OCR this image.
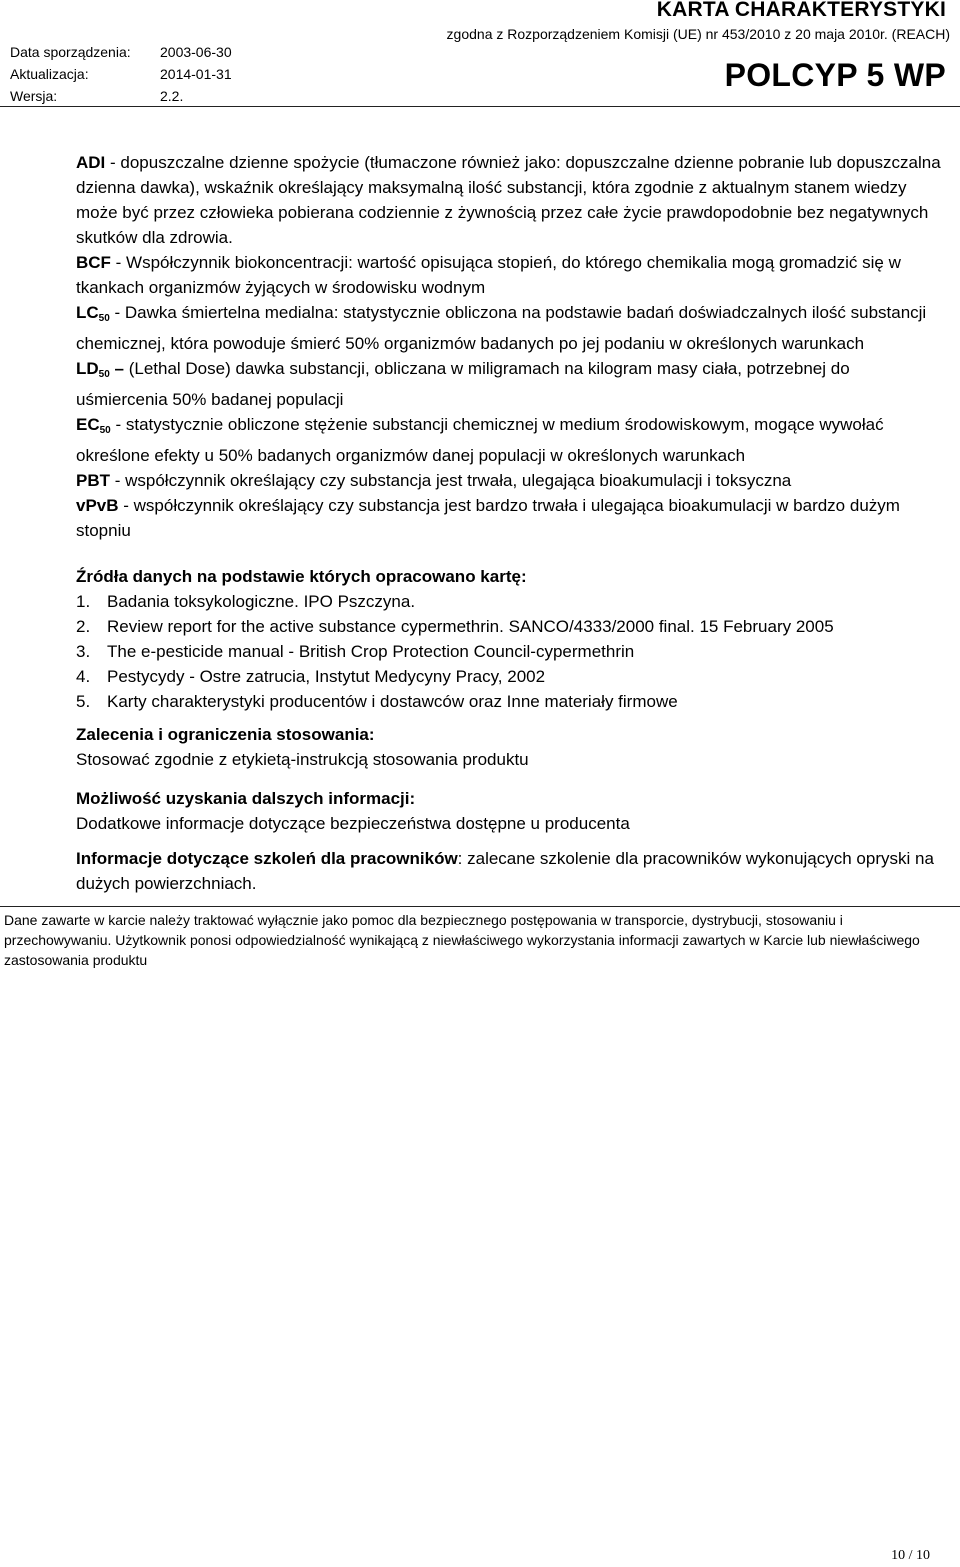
Data sporządzenia: 2003-06-30
Aktualizacja:	2014-01-31
Wersja:	2.2.
KARTA CHARAKTERYSTYKI
zgodna z Rozporządzeniem Komisji (UE) nr 453/2010 z 20 maja 2010r. (REACH)
POLCYP 5 WP

ADI - dopuszczalne dzienne spożycie (tłumaczone również jako: dopuszczalne dzienne pobranie lub dopuszczalna dzienna dawka), wskaźnik określający maksymalną ilość substancji, która zgodnie z aktualnym stanem wiedzy może być przez człowieka pobierana codziennie z żywnością przez całe życie prawdopodobnie bez negatywnych skutków dla zdrowia.

BCF - Współczynnik biokoncentracji: wartość opisująca stopień, do którego chemikalia mogą gromadzić się w tkankach organizmów żyjących w środowisku wodnym

$LC_{50}$ - Dawka śmiertelna medialna: statystycznie obliczona na podstawie badań doświadczalnych ilość substancji chemicznej, która powoduje śmierć 50% organizmów badanych po jej podaniu w określonych warunkach

$LD_{50}$ – (Lethal Dose) dawka substancji, obliczana w miligramach na kilogram masy ciała, potrzebnej do uśmiercenia 50% badanej populacji

$EC_{50}$ - statystycznie obliczone stężenie substancji chemicznej w medium środowiskowym, mogące wywołać określone efekty u 50% badanych organizmów danej populacji w określonych warunkach

PBT - współczynnik określający czy substancja jest trwała, ulegająca bioakumulacji i toksyczna

vPvB - współczynnik określający czy substancja jest bardzo trwała i ulegająca bioakumulacji w bardzo dużym stopniu

Źródła danych na podstawie których opracowano kartę:
1. Badania toksykologiczne. IPO Pszczyna.
2. Review report for the active substance cypermethrin. SANCO/4333/2000 final. 15 February 2005
3. The e-pesticide manual - British Crop Protection Council-cypermethrin
4. Pestycydy - Ostre zatrucia, Instytut Medycyny Pracy, 2002
5. Karty charakterystyki producentów i dostawców oraz Inne materiały firmowe
Zalecenia i ograniczenia stosowania:
Stosować zgodnie z etykietą-instrukcją stosowania produktu
Możliwość uzyskania dalszych informacji:
Dodatkowe informacje dotyczące bezpieczeństwa dostępne u producenta

Informacje dotyczące szkoleń dla pracowników: zalecane szkolenie dla pracowników wykonujących opryski na dużych powierzchniach.

Dane zawarte w karcie należy traktować wyłącznie jako pomoc dla bezpiecznego postępowania w transporcie, dystrybucji, stosowaniu i przechowywaniu. Użytkownik ponosi odpowiedzialność wynikającą z niewłaściwego wykorzystania informacji zawartych w Karcie lub niewłaściwego zastosowania produktu
10 / 10
